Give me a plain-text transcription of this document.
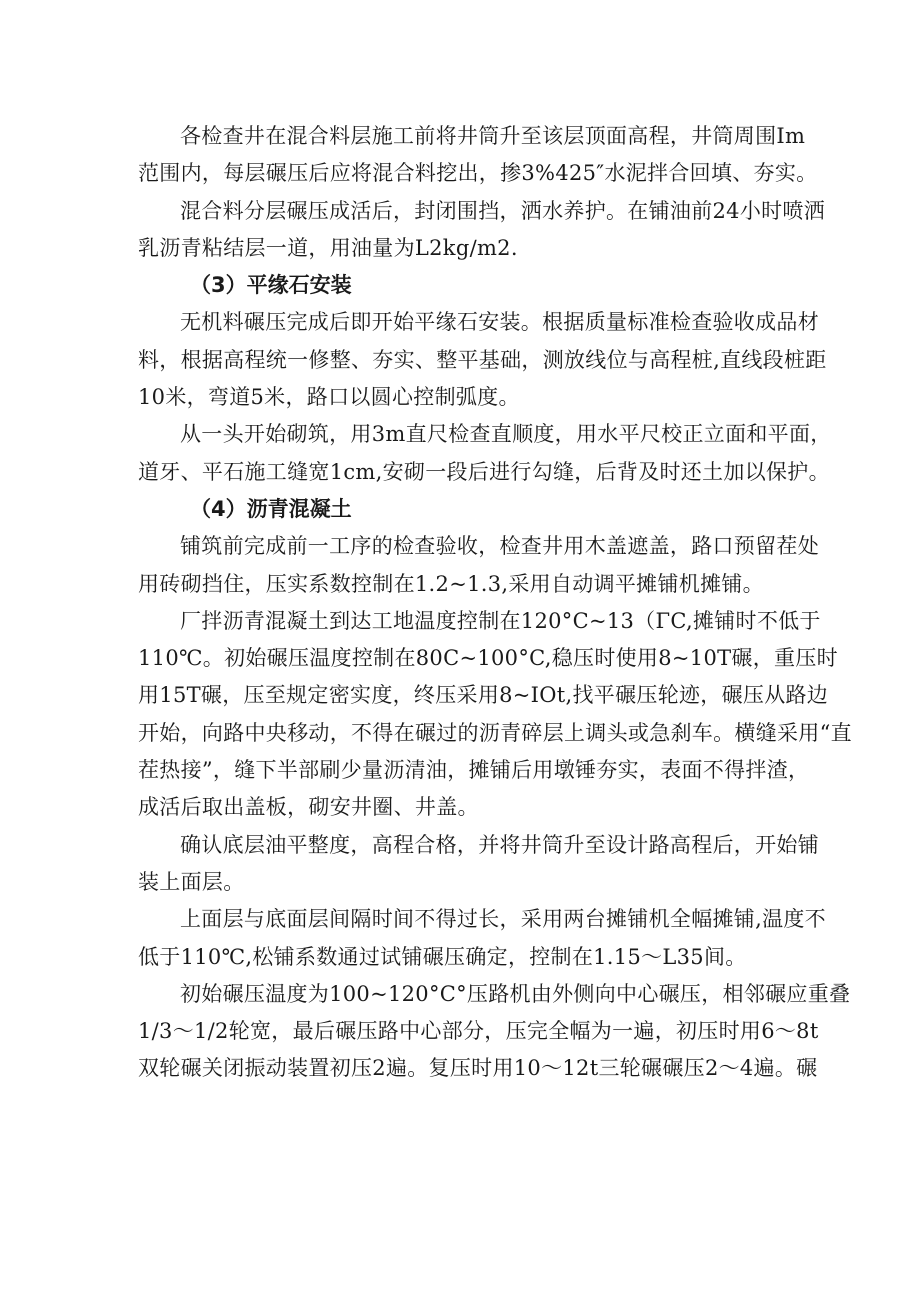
各检查井在混合料层施工前将井筒升至该层顶面高程，井筒周围Im
范围内，每层碾压后应将混合料挖出，掺3%425″水泥拌合回填、夯实。
混合料分层碾压成活后，封闭围挡，洒水养护。在铺油前24小时喷洒
乳沥青粘结层一道，用油量为L2kg∕m2.
（3）平缘石安装
无机料碾压完成后即开始平缘石安装。根据质量标准检查验收成品材
料，根据高程统一修整、夯实、整平基础，测放线位与高程桩,直线段桩距
10米，弯道5米，路口以圆心控制弧度。
从一头开始砌筑，用3m直尺检查直顺度，用水平尺校正立面和平面，
道牙、平石施工缝宽1cm,安砌一段后进行勾缝，后背及时还土加以保护。
（4）沥青混凝土
铺筑前完成前一工序的检查验收，检查井用木盖遮盖，路口预留茬处
用砖砌挡住，压实系数控制在1.2~1.3,采用自动调平摊铺机摊铺。
厂拌沥青混凝土到达工地温度控制在120°C~13（ΓC,摊铺时不低于
110℃。初始碾压温度控制在80C~100°C,稳压时使用8~10T碾，重压时
用15T碾，压至规定密实度，终压采用8~IOt,找平碾压轮迹，碾压从路边
开始，向路中央移动，不得在碾过的沥青碎层上调头或急刹车。横缝采用“直
茬热接”，缝下半部刷少量沥清油，摊铺后用墩锤夯实，表面不得拌渣，
成活后取出盖板，砌安井圈、井盖。
确认底层油平整度，高程合格，并将井筒升至设计路高程后，开始铺
装上面层。
上面层与底面层间隔时间不得过长，采用两台摊铺机全幅摊铺,温度不
低于110℃,松铺系数通过试铺碾压确定，控制在1.15～L35间。
初始碾压温度为100~120°C°压路机由外侧向中心碾压，相邻碾应重叠
1/3～1/2轮宽，最后碾压路中心部分，压完全幅为一遍，初压时用6～8t
双轮碾关闭振动装置初压2遍。复压时用10～12t三轮碾碾压2～4遍。碾
